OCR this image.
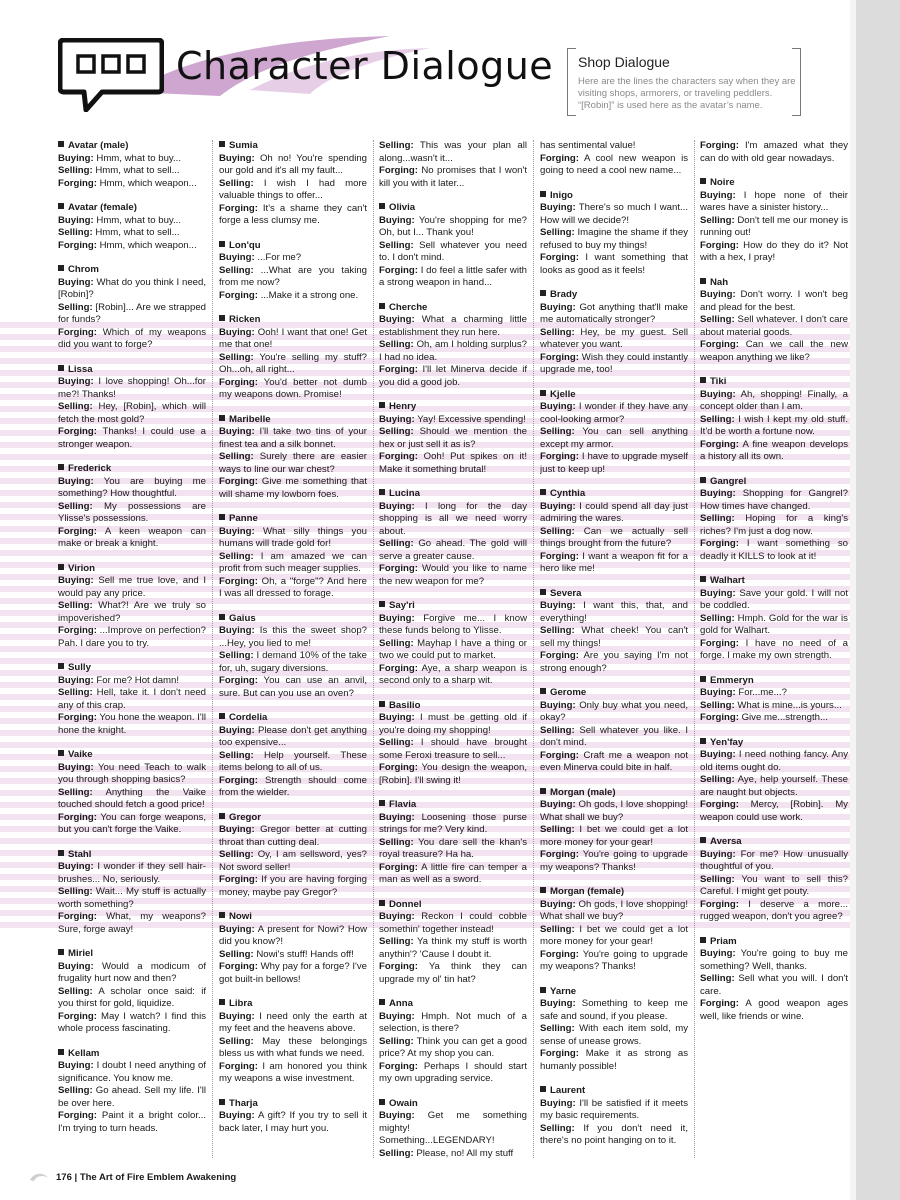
Character Dialogue Shop Dialogue
Here are the lines the characters say when they are visiting shops, armorers, or traveling peddlers. “[Robin]” is used here as the avatar’s name.
Avatar (male)
Buying: Hmm, what to buy...
Selling: Hmm, what to sell...
Forging: Hmm, which weapon...
Avatar (female)
Buying: Hmm, what to buy...
Selling: Hmm, what to sell...
Forging: Hmm, which weapon...
Chrom
Buying: What do you think I need, [Robin]?
Selling: [Robin]... Are we strapped for funds?
Forging: Which of my weapons did you want to forge?
Lissa
Buying: I love shopping! Oh...for me?! Thanks!
Selling: Hey, [Robin], which will fetch the most gold?
Forging: Thanks! I could use a stronger weapon.
Frederick
Buying: You are buying me something? How thoughtful.
Selling: My possessions are Ylisse's possessions.
Forging: A keen weapon can make or break a knight.
Virion
Buying: Sell me true love, and I would pay any price.
Selling: What?! Are we truly so impoverished?
Forging: ...Improve on perfection? Pah. I dare you to try.
Sully
Buying: For me? Hot damn!
Selling: Hell, take it. I don't need any of this crap.
Forging: You hone the weapon. I'll hone the knight.
Vaike
Buying: You need Teach to walk you through shopping basics?
Selling: Anything the Vaike touched should fetch a good price!
Forging: You can forge weapons, but you can't forge the Vaike.
Stahl
Buying: I wonder if they sell hair-brushes... No, seriously.
Selling: Wait... My stuff is actually worth something?
Forging: What, my weapons? Sure, forge away!
Miriel
Buying: Would a modicum of frugality hurt now and then?
Selling: A scholar once said: if you thirst for gold, liquidize.
Forging: May I watch? I find this whole process fascinating.
Kellam
Buying: I doubt I need anything of significance. You know me.
Selling: Go ahead. Sell my life. I'll be over here.
Forging: Paint it a bright color... I'm trying to turn heads.
Sumia
Buying: Oh no! You're spending our gold and it's all my fault...
Selling: I wish I had more valuable things to offer...
Forging: It's a shame they can't forge a less clumsy me.
Lon'qu
Buying: ...For me?
Selling: ...What are you taking from me now?
Forging: ...Make it a strong one.
Ricken
Buying: Ooh! I want that one! Get me that one!
Selling: You're selling my stuff? Oh...oh, all right...
Forging: You'd better not dumb my weapons down. Promise!
Maribelle
Buying: I'll take two tins of your finest tea and a silk bonnet.
Selling: Surely there are easier ways to line our war chest?
Forging: Give me something that will shame my lowborn foes.
Panne
Buying: What silly things you humans will trade gold for!
Selling: I am amazed we can profit from such meager supplies.
Forging: Oh, a "forge"? And here I was all dressed to forage.
Gaius
Buying: Is this the sweet shop? ...Hey, you lied to me!
Selling: I demand 10% of the take for, uh, sugary diversions.
Forging: You can use an anvil, sure. But can you use an oven?
Cordelia
Buying: Please don't get anything too expensive...
Selling: Help yourself. These items belong to all of us.
Forging: Strength should come from the wielder.
Gregor
Buying: Gregor better at cutting throat than cutting deal.
Selling: Oy, I am sellsword, yes? Not sword seller!
Forging: If you are having forging money, maybe pay Gregor?
Nowi
Buying: A present for Nowi? How did you know?!
Selling: Nowi's stuff! Hands off!
Forging: Why pay for a forge? I've got built-in bellows!
Libra
Buying: I need only the earth at my feet and the heavens above.
Selling: May these belongings bless us with what funds we need.
Forging: I am honored you think my weapons a wise investment.
Tharja
Buying: A gift? If you try to sell it back later, I may hurt you.
Selling: This was your plan all along...wasn't it...
Forging: No promises that I won't kill you with it later...
Olivia
Buying: You're shopping for me? Oh, but I... Thank you!
Selling: Sell whatever you need to. I don't mind.
Forging: I do feel a little safer with a strong weapon in hand...
Cherche
Buying: What a charming little establishment they run here.
Selling: Oh, am I holding surplus? I had no idea.
Forging: I'll let Minerva decide if you did a good job.
Henry
Buying: Yay! Excessive spending!
Selling: Should we mention the hex or just sell it as is?
Forging: Ooh! Put spikes on it! Make it something brutal!
Lucina
Buying: I long for the day shopping is all we need worry about.
Selling: Go ahead. The gold will serve a greater cause.
Forging: Would you like to name the new weapon for me?
Say'ri
Buying: Forgive me... I know these funds belong to Ylisse.
Selling: Mayhap I have a thing or two we could put to market.
Forging: Aye, a sharp weapon is second only to a sharp wit.
Basilio
Buying: I must be getting old if you're doing my shopping!
Selling: I should have brought some Feroxi treasure to sell...
Forging: You design the weapon, [Robin]. I'll swing it!
Flavia
Buying: Loosening those purse strings for me? Very kind.
Selling: You dare sell the khan's royal treasure? Ha ha.
Forging: A little fire can temper a man as well as a sword.
Donnel
Buying: Reckon I could cobble somethin' together instead!
Selling: Ya think my stuff is worth anythin'? 'Cause I doubt it.
Forging: Ya think they can upgrade my ol' tin hat?
Anna
Buying: Hmph. Not much of a selection, is there?
Selling: Think you can get a good price? At my shop you can.
Forging: Perhaps I should start my own upgrading service.
Owain
Buying: Get me something mighty! Something...LEGENDARY!
Selling: Please, no! All my stuff
has sentimental value!
Forging: A cool new weapon is going to need a cool new name...
Inigo
Buying: There's so much I want... How will we decide?!
Selling: Imagine the shame if they refused to buy my things!
Forging: I want something that looks as good as it feels!
Brady
Buying: Got anything that'll make me automatically stronger?
Selling: Hey, be my guest. Sell whatever you want.
Forging: Wish they could instantly upgrade me, too!
Kjelle
Buying: I wonder if they have any cool-looking armor?
Selling: You can sell anything except my armor.
Forging: I have to upgrade myself just to keep up!
Cynthia
Buying: I could spend all day just admiring the wares.
Selling: Can we actually sell things brought from the future?
Forging: I want a weapon fit for a hero like me!
Severa
Buying: I want this, that, and everything!
Selling: What cheek! You can't sell my things!
Forging: Are you saying I'm not strong enough?
Gerome
Buying: Only buy what you need, okay?
Selling: Sell whatever you like. I don't mind.
Forging: Craft me a weapon not even Minerva could bite in half.
Morgan (male)
Buying: Oh gods, I love shopping! What shall we buy?
Selling: I bet we could get a lot more money for your gear!
Forging: You're going to upgrade my weapons? Thanks!
Morgan (female)
Buying: Oh gods, I love shopping! What shall we buy?
Selling: I bet we could get a lot more money for your gear!
Forging: You're going to upgrade my weapons? Thanks!
Yarne
Buying: Something to keep me safe and sound, if you please.
Selling: With each item sold, my sense of unease grows.
Forging: Make it as strong as humanly possible!
Laurent
Buying: I'll be satisfied if it meets my basic requirements.
Selling: If you don't need it, there's no point hanging on to it.
Forging: I'm amazed what they can do with old gear nowadays.
Noire
Buying: I hope none of their wares have a sinister history...
Selling: Don't tell me our money is running out!
Forging: How do they do it? Not with a hex, I pray!
Nah
Buying: Don't worry. I won't beg and plead for the best.
Selling: Sell whatever. I don't care about material goods.
Forging: Can we call the new weapon anything we like?
Tiki
Buying: Ah, shopping! Finally, a concept older than I am.
Selling: I wish I kept my old stuff. It'd be worth a fortune now.
Forging: A fine weapon develops a history all its own.
Gangrel
Buying: Shopping for Gangrel? How times have changed.
Selling: Hoping for a king's riches? I'm just a dog now.
Forging: I want something so deadly it KILLS to look at it!
Walhart
Buying: Save your gold. I will not be coddled.
Selling: Hmph. Gold for the war is gold for Walhart.
Forging: I have no need of a forge. I make my own strength.
Emmeryn
Buying: For...me...?
Selling: What is mine...is yours...
Forging: Give me...strength...
Yen'fay
Buying: I need nothing fancy. Any old items ought do.
Selling: Aye, help yourself. These are naught but objects.
Forging: Mercy, [Robin]. My weapon could use work.
Aversa
Buying: For me? How unusually thoughtful of you.
Selling: You want to sell this? Careful. I might get pouty.
Forging: I deserve a more... rugged weapon, don't you agree?
Priam
Buying: You're going to buy me something? Well, thanks.
Selling: Sell what you will. I don't care.
Forging: A good weapon ages well, like friends or wine.
176 | The Art of Fire Emblem Awakening
